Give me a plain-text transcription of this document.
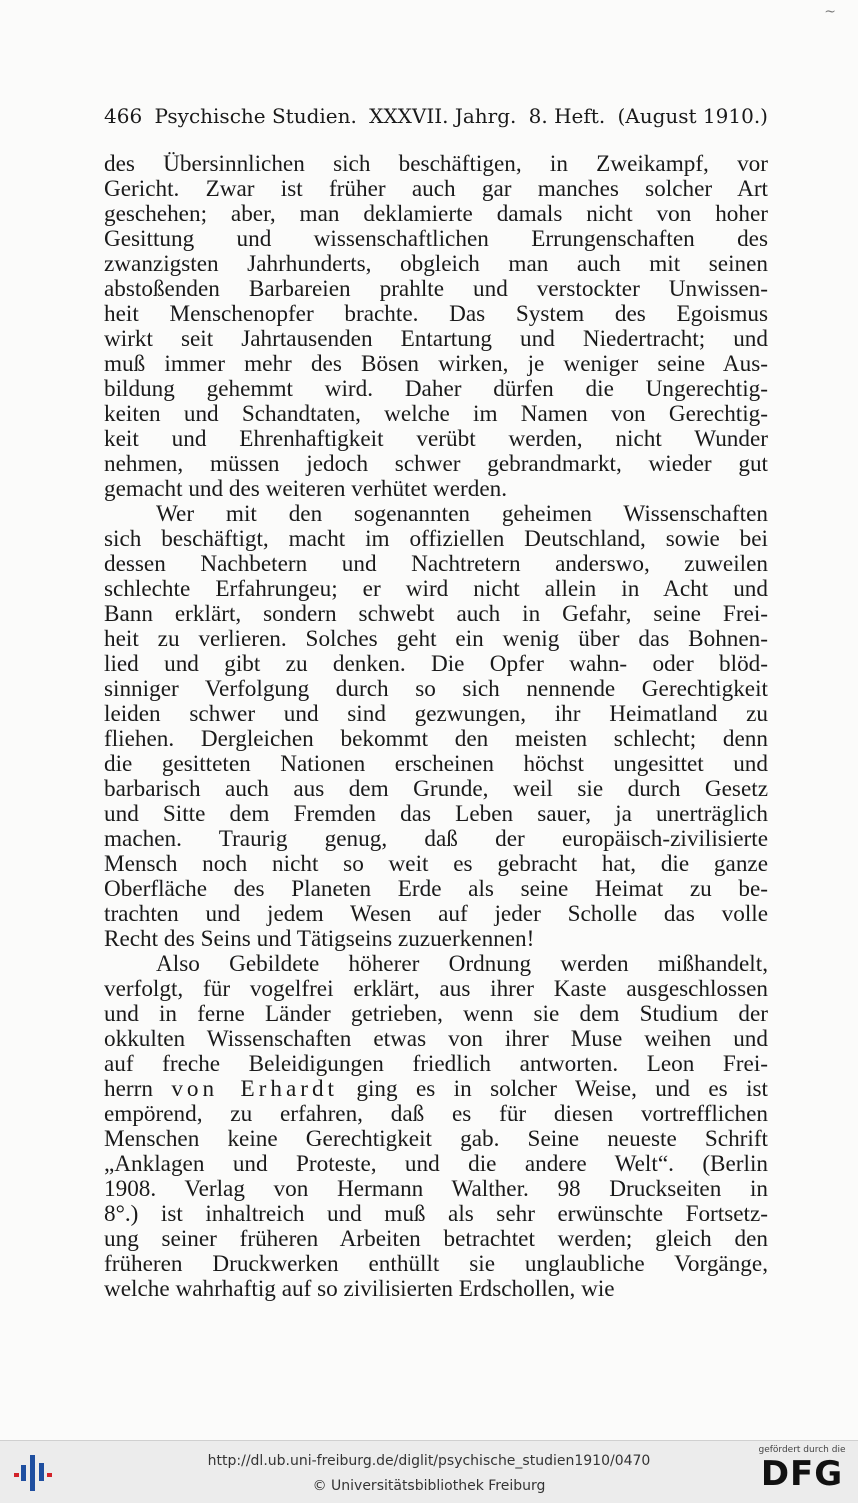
~
466 Psychische Studien. XXXVII. Jahrg. 8. Heft. (August 1910.)
des Übersinnlichen sich beschäftigen, in Zweikampf, vor
Gericht. Zwar ist früher auch gar manches solcher Art
geschehen; aber, man deklamierte damals nicht von hoher
Gesittung und wissenschaftlichen Errungenschaften des
zwanzigsten Jahrhunderts, obgleich man auch mit seinen
abstoßenden Barbareien prahlte und verstockter Unwissen-
heit Menschenopfer brachte. Das System des Egoismus
wirkt seit Jahrtausenden Entartung und Niedertracht; und
muß immer mehr des Bösen wirken, je weniger seine Aus-
bildung gehemmt wird. Daher dürfen die Ungerechtig-
keiten und Schandtaten, welche im Namen von Gerechtig-
keit und Ehrenhaftigkeit verübt werden, nicht Wunder
nehmen, müssen jedoch schwer gebrandmarkt, wieder gut
gemacht und des weiteren verhütet werden.
Wer mit den sogenannten geheimen Wissenschaften
sich beschäftigt, macht im offiziellen Deutschland, sowie bei
dessen Nachbetern und Nachtretern anderswo, zuweilen
schlechte Erfahrungeu; er wird nicht allein in Acht und
Bann erklärt, sondern schwebt auch in Gefahr, seine Frei-
heit zu verlieren. Solches geht ein wenig über das Bohnen-
lied und gibt zu denken. Die Opfer wahn- oder blöd-
sinniger Verfolgung durch so sich nennende Gerechtigkeit
leiden schwer und sind gezwungen, ihr Heimatland zu
fliehen. Dergleichen bekommt den meisten schlecht; denn
die gesitteten Nationen erscheinen höchst ungesittet und
barbarisch auch aus dem Grunde, weil sie durch Gesetz
und Sitte dem Fremden das Leben sauer, ja unerträglich
machen. Traurig genug, daß der europäisch-zivilisierte
Mensch noch nicht so weit es gebracht hat, die ganze
Oberfläche des Planeten Erde als seine Heimat zu be-
trachten und jedem Wesen auf jeder Scholle das volle
Recht des Seins und Tätigseins zuzuerkennen!
Also Gebildete höherer Ordnung werden mißhandelt,
verfolgt, für vogelfrei erklärt, aus ihrer Kaste ausgeschlossen
und in ferne Länder getrieben, wenn sie dem Studium der
okkulten Wissenschaften etwas von ihrer Muse weihen und
auf freche Beleidigungen friedlich antworten. Leon Frei-
herrn von Erhardt ging es in solcher Weise, und es ist
empörend, zu erfahren, daß es für diesen vortrefflichen
Menschen keine Gerechtigkeit gab. Seine neueste Schrift
„Anklagen und Proteste, und die andere Welt“. (Berlin
1908. Verlag von Hermann Walther. 98 Druckseiten in
8°.) ist inhaltreich und muß als sehr erwünschte Fortsetz-
ung seiner früheren Arbeiten betrachtet werden; gleich den
früheren Druckwerken enthüllt sie unglaubliche Vorgänge,
welche wahrhaftig auf so zivilisierten Erdschollen, wie
http://dl.ub.uni-freiburg.de/diglit/psychische_studien1910/0470
© Universitätsbibliothek Freiburg
gefördert durch die
DFG
